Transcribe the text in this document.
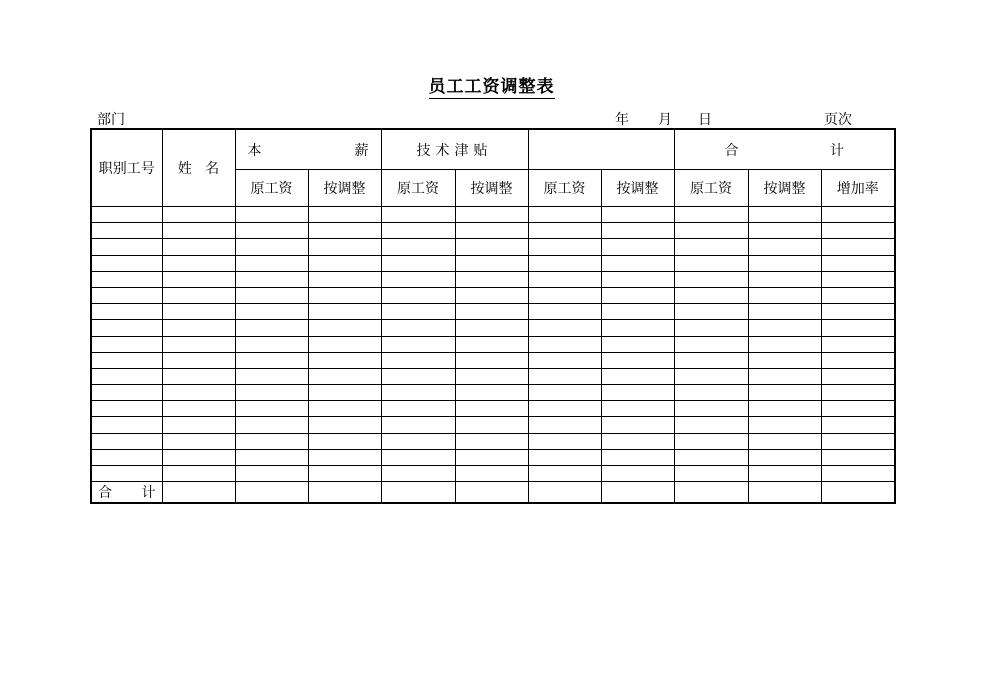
员工工资调整表
部门	年 月 日	页次
职别工号	姓 名	本 薪		技术津贴				合 计		

		原工资	按调整	原工资	按调整	原工资	按调整	原工资	按调整	增加率

合 计										
